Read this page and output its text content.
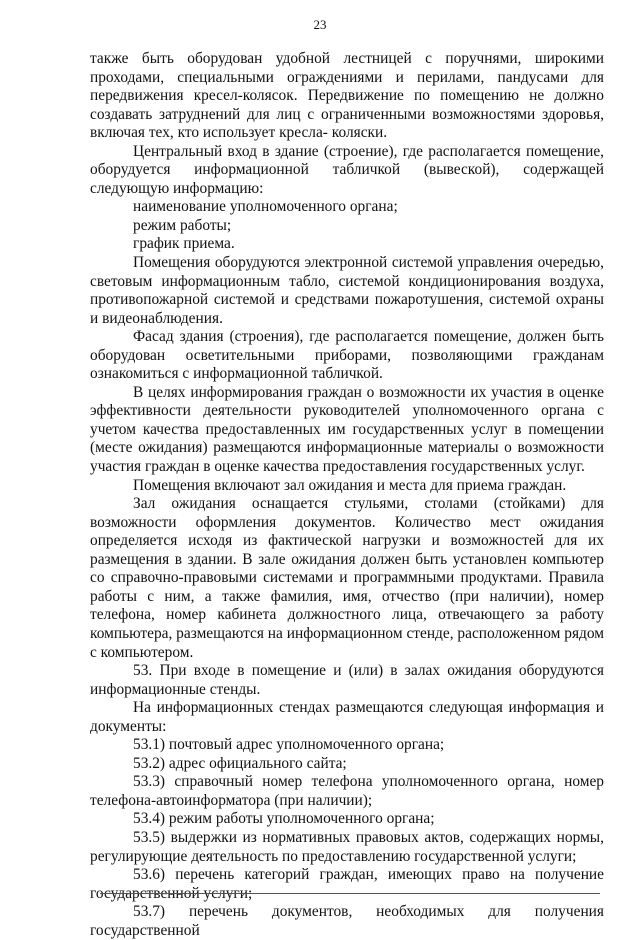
23

также быть оборудован удобной лестницей с поручнями, широкими проходами, специальными ограждениями и перилами, пандусами для передвижения кресел-колясок. Передвижение по помещению не должно создавать затруднений для лиц с ограниченными возможностями здоровья, включая тех, кто использует кресла- коляски.

Центральный вход в здание (строение), где располагается помещение, оборудуется информационной табличкой (вывеской), содержащей следующую информацию:

наименование уполномоченного органа;

режим работы;

график приема.

Помещения оборудуются электронной системой управления очередью, световым информационным табло, системой кондиционирования воздуха, противопожарной системой и средствами пожаротушения, системой охраны и видеонаблюдения.

Фасад здания (строения), где располагается помещение, должен быть оборудован осветительными приборами, позволяющими гражданам ознакомиться с информационной табличкой.

В целях информирования граждан о возможности их участия в оценке эффективности деятельности руководителей уполномоченного органа с учетом качества предоставленных им государственных услуг в помещении (месте ожидания) размещаются информационные материалы о возможности участия граждан в оценке качества предоставления государственных услуг.

Помещения включают зал ожидания и места для приема граждан.

Зал ожидания оснащается стульями, столами (стойками) для возможности оформления документов. Количество мест ожидания определяется исходя из фактической нагрузки и возможностей для их размещения в здании. В зале ожидания должен быть установлен компьютер со справочно-правовыми системами и программными продуктами. Правила работы с ним, а также фамилия, имя, отчество (при наличии), номер телефона, номер кабинета должностного лица, отвечающего за работу компьютера, размещаются на информационном стенде, расположенном рядом с компьютером.

53. При входе в помещение и (или) в залах ожидания оборудуются информационные стенды.

На информационных стендах размещаются следующая информация и документы:

53.1) почтовый адрес уполномоченного органа;

53.2) адрес официального сайта;

53.3) справочный номер телефона уполномоченного органа, номер телефона-автоинформатора (при наличии);

53.4) режим работы уполномоченного органа;

53.5) выдержки из нормативных правовых актов, содержащих нормы, регулирующие деятельность по предоставлению государственной услуги;

53.6) перечень категорий граждан, имеющих право на получение государственной услуги;

53.7) перечень документов, необходимых для получения государственной
